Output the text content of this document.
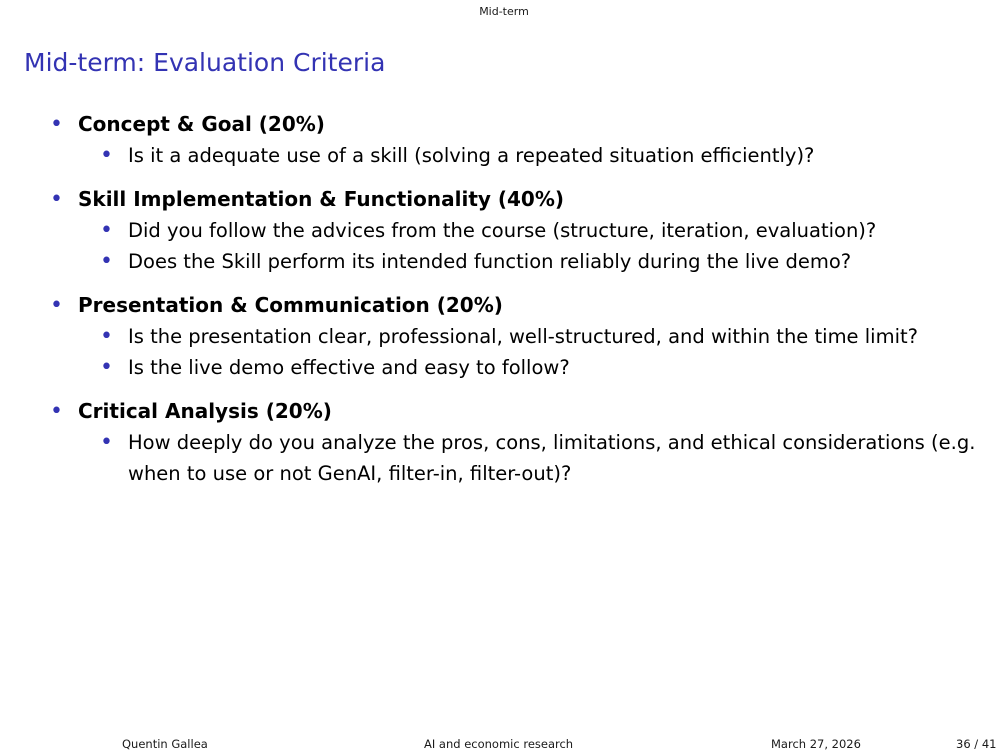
Mid-term
Mid-term: Evaluation Criteria
•
Concept & Goal (20%)
•
Is it a adequate use of a skill (solving a repeated situation efficiently)?
•
Skill Implementation & Functionality (40%)
•
Did you follow the advices from the course (structure, iteration, evaluation)?
•
Does the Skill perform its intended function reliably during the live demo?
•
Presentation & Communication (20%)
•
Is the presentation clear, professional, well-structured, and within the time limit?
•
Is the live demo effective and easy to follow?
•
Critical Analysis (20%)
•
How deeply do you analyze the pros, cons, limitations, and ethical considerations (e.g. when to use or not GenAI, filter-in, filter-out)?
Quentin Gallea	AI and economic research	March 27, 2026	36 / 41
